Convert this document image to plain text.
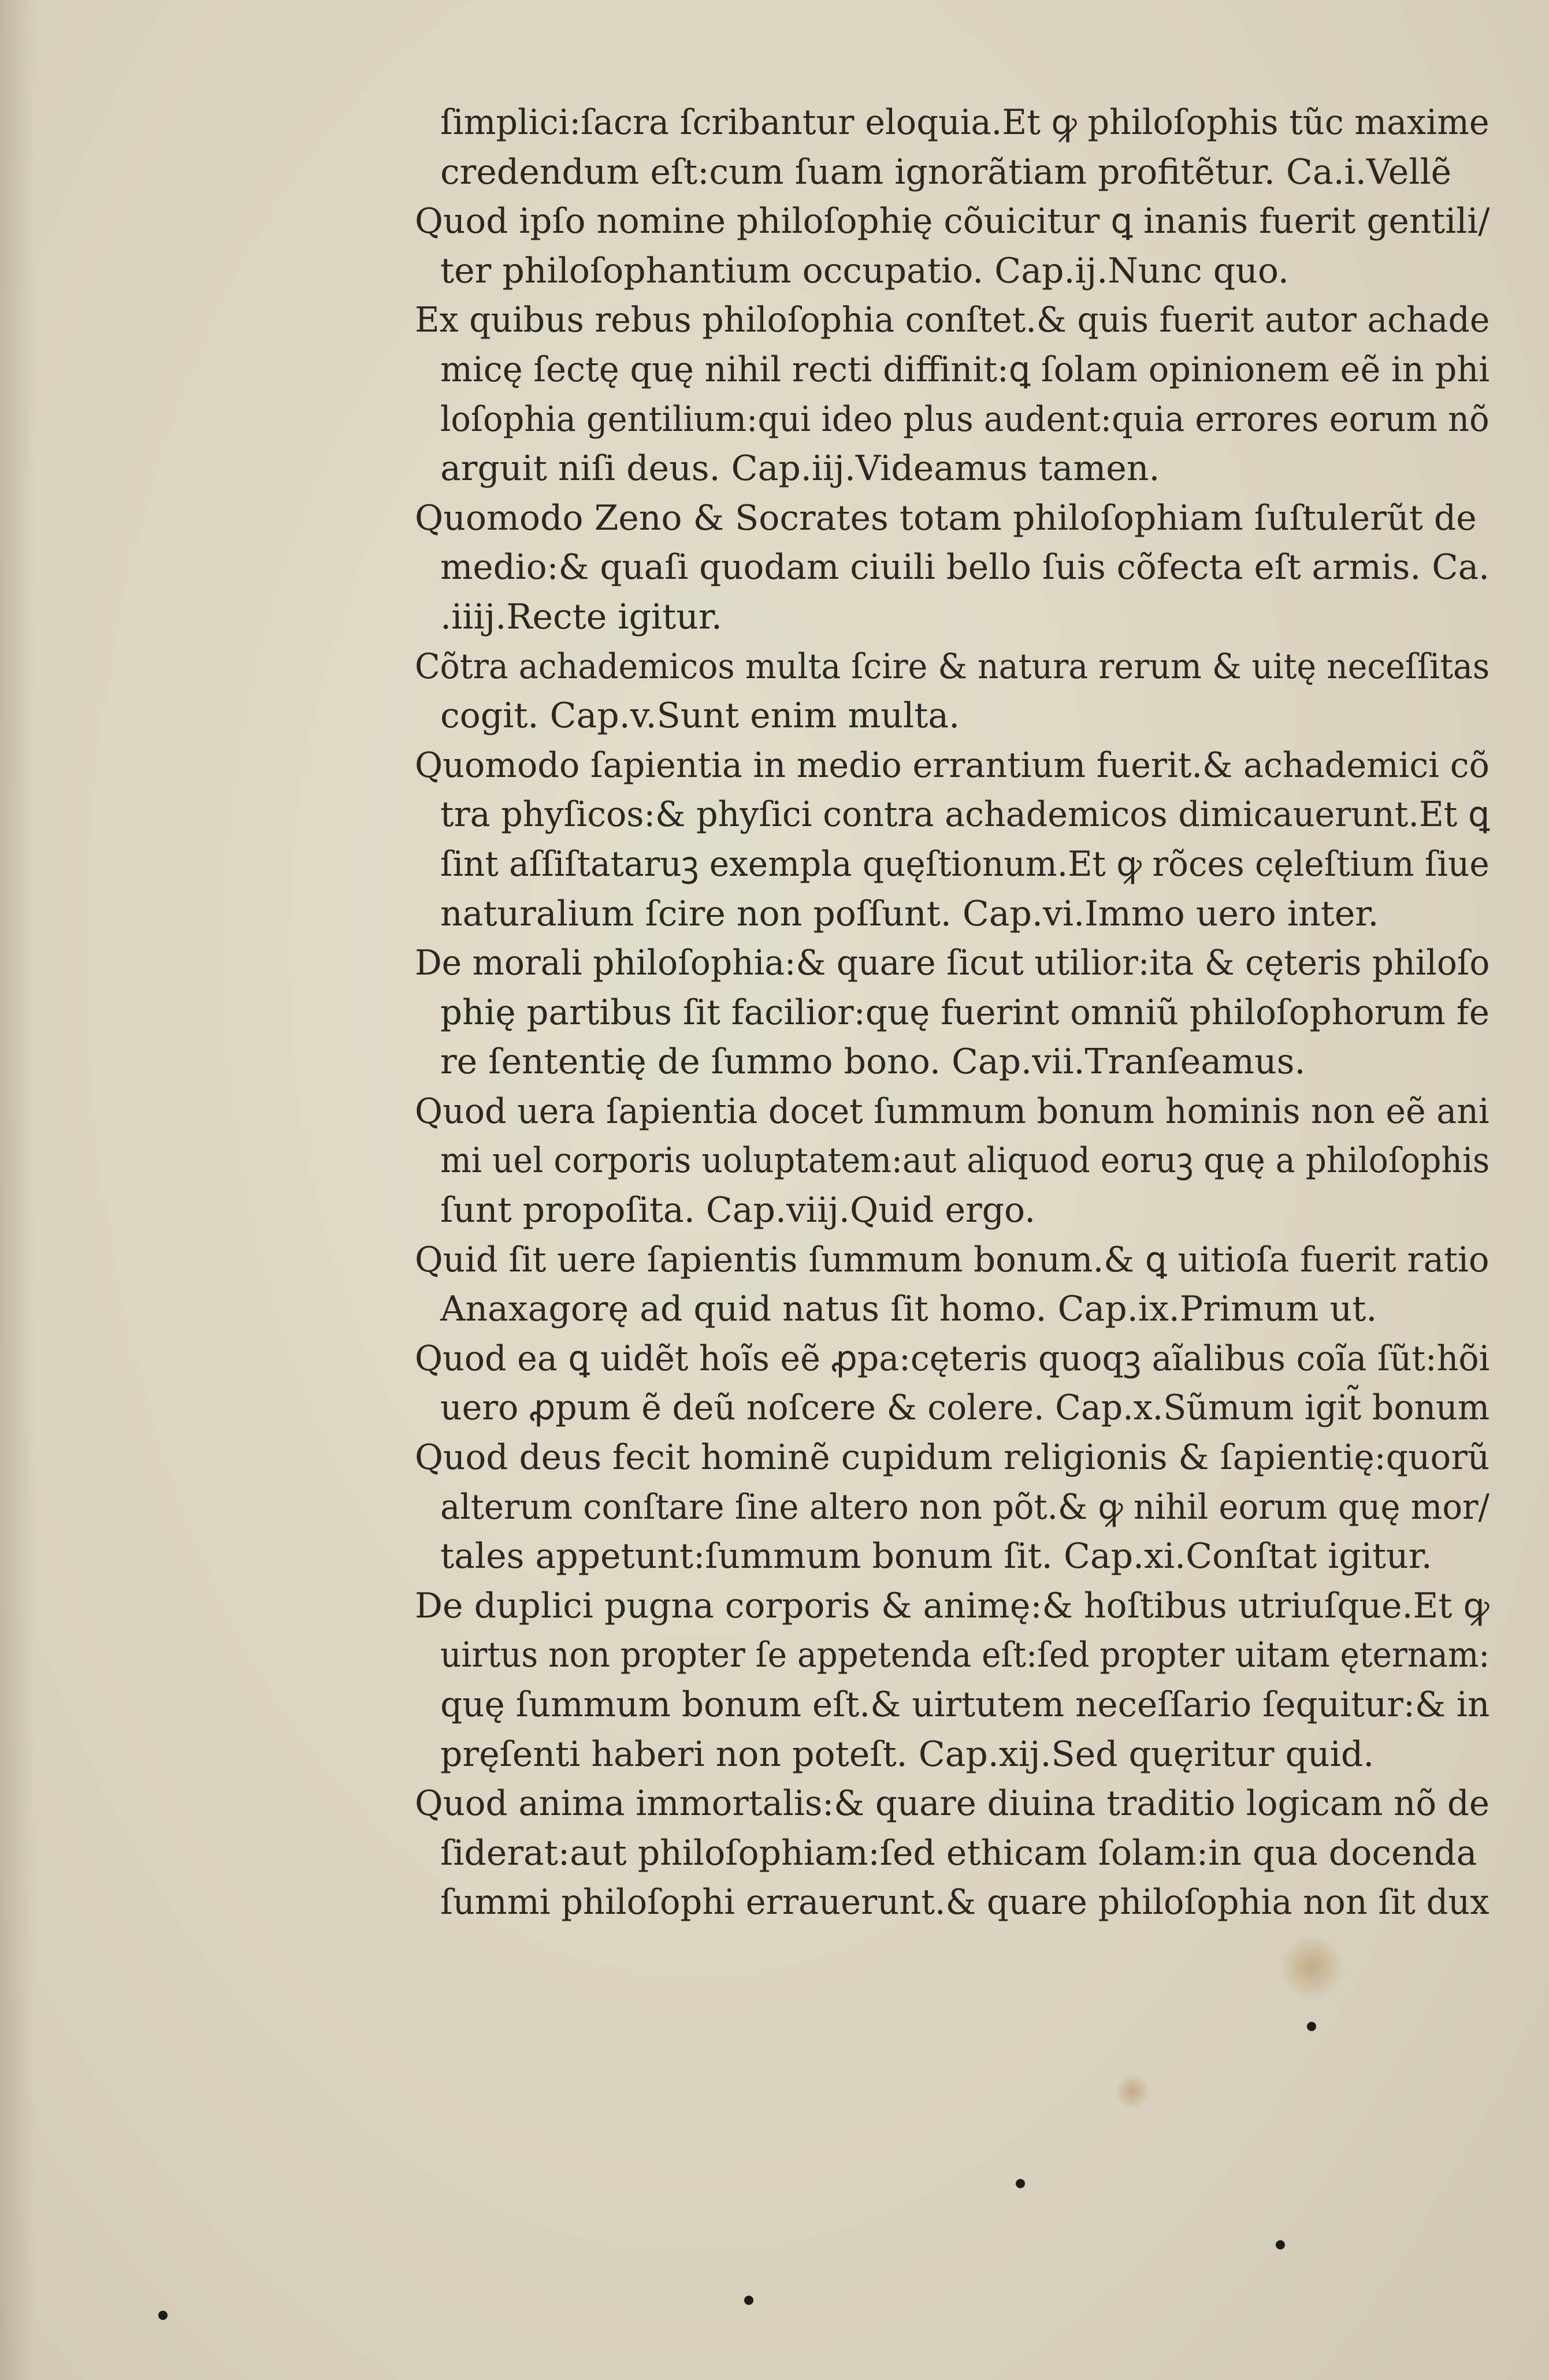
ſimplici:ſacra ſcribantur eloquia.Et ꝙ philoſophis tũc maxime
credendum eſt:cum ſuam ignorãtiam profitẽtur. Ca.i.Vellẽ
Quod ipſo nomine philoſophię cõuicitur ꝗ inanis fuerit gentili/
ter philoſophantium occupatio. Cap.ij.Nunc quo.
Ex quibus rebus philoſophia conſtet.& quis fuerit autor achade
micę ſectę quę nihil recti diffinit:ꝗ ſolam opinionem eẽ in phi
loſophia gentilium:qui ideo plus audent:quia errores eorum nõ
arguit niſi deus. Cap.iij.Videamus tamen.
Quomodo Zeno & Socrates totam philoſophiam ſuſtulerũt de
medio:& quaſi quodam ciuili bello ſuis cõfecta eſt armis. Ca.
.iiij.Recte igitur.
Cõtra achademicos multa ſcire & natura rerum & uitę neceſſitas
cogit. Cap.v.Sunt enim multa.
Quomodo ſapientia in medio errantium fuerit.& achademici cõ
tra phyſicos:& phyſici contra achademicos dimicauerunt.Et ꝗ
ſint aſſiſtataruꝫ exempla quęſtionum.Et ꝙ rõces cęleſtium ſiue
naturalium ſcire non poſſunt. Cap.vi.Immo uero inter.
De morali philoſophia:& quare ſicut utilior:ita & cęteris philoſo
phię partibus ſit facilior:quę fuerint omniũ philoſophorum fe
re ſententię de ſummo bono. Cap.vii.Tranſeamus.
Quod uera ſapientia docet ſummum bonum hominis non eẽ ani
mi uel corporis uoluptatem:aut aliquod eoruꝫ quę a philoſophis
ſunt propoſita. Cap.viij.Quid ergo.
Quid ſit uere ſapientis ſummum bonum.& ꝗ uitioſa fuerit ratio
Anaxagorę ad quid natus ſit homo. Cap.ix.Primum ut.
Quod ea ꝗ uidẽt hoĩs eẽ ꝓpa:cęteris quoqꝫ aĩalibus coĩa ſũt:hõi
uero ꝓpum ẽ deũ noſcere & colere. Cap.x.Sũmum igit̃ bonum
Quod deus fecit hominẽ cupidum religionis & ſapientię:quorũ
alterum conſtare ſine altero non põt.& ꝙ nihil eorum quę mor/
tales appetunt:ſummum bonum ſit. Cap.xi.Conſtat igitur.
De duplici pugna corporis & animę:& hoſtibus utriuſque.Et ꝙ
uirtus non propter ſe appetenda eſt:ſed propter uitam ęternam:
quę ſummum bonum eſt.& uirtutem neceſſario ſequitur:& in
pręſenti haberi non poteſt. Cap.xij.Sed quęritur quid.
Quod anima immortalis:& quare diuina traditio logicam nõ de
ſiderat:aut philoſophiam:ſed ethicam ſolam:in qua docenda
ſummi philoſophi errauerunt.& quare philoſophia non ſit dux
